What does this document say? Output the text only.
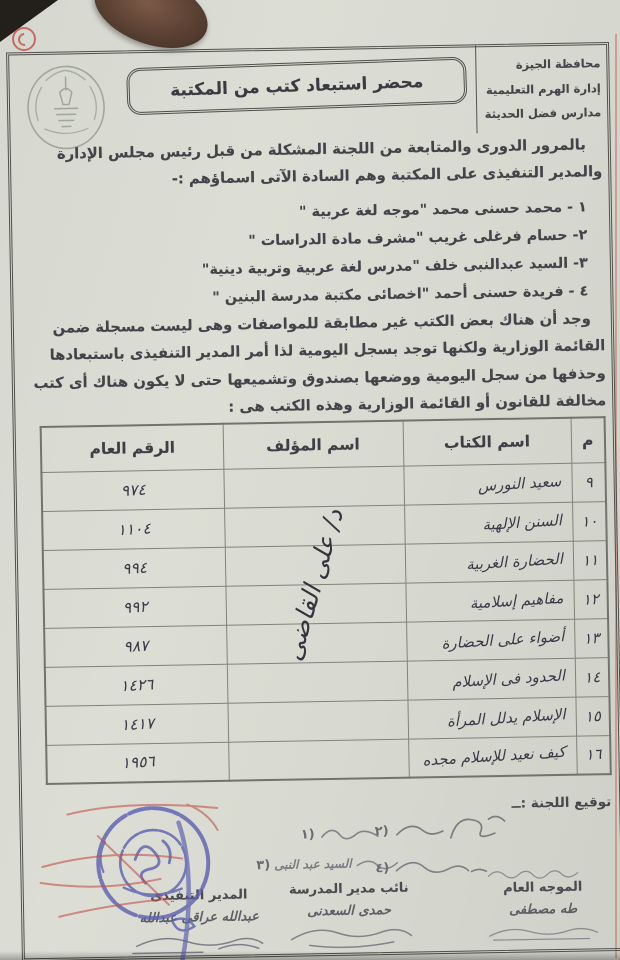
محافظة الجيزة
إدارة الهرم التعليمية
مدارس فضل الحديثة
محضر استبعاد كتب من المكتبة
بالمرور الدورى والمتابعة من اللجنة المشكلة من قبل رئيس مجلس الإدارة والمدير التنفيذى على المكتبة وهم السادة الآتى اسماؤهم :-
١ - محمد حسنى محمد "موجه لغة عربية "
٢- حسام فرغلى غريب "مشرف مادة الدراسات "
٣- السيد عبدالنبى خلف "مدرس لغة عربية وتربية دينية"
٤ - فريدة حسنى أحمد "اخصائى مكتبة مدرسة البنين "
وجد أن هناك بعض الكتب غير مطابقة للمواصفات وهى ليست مسجلة ضمن القائمة الوزارية ولكنها توجد بسجل اليومية لذا أمر المدير التنفيذى باستبعادها وحذفها من سجل اليومية ووضعها بصندوق وتشميعها حتى لا يكون هناك أى كتب مخالفة للقانون أو القائمة الوزارية وهذه الكتب هى :
م	اسم الكتاب	اسم المؤلف	الرقم العام
٩	سعيد النورس		٩٧٤
١٠	السنن الإلهية		١١٠٤
١١	الحضارة الغربية		٩٩٤
١٢	مفاهيم إسلامية		٩٩٢
١٣	أضواء على الحضارة		٩٨٧
١٤	الحدود فى الإسلام		١٤٢٦
١٥	الإسلام يدلل المرأة		١٤١٧
١٦	كيف نعيد للإسلام مجده		١٩٥٦
د/ على القاضى
توقيع اللجنة :ــ
١)	٢)
٣) السيد عبد النبى ٤)
الموجه العام
طه مصطفى
نائب مدير المدرسة
حمدى السعدنى
المدير التنفيذى
عبدالله عراقى عبدالله
